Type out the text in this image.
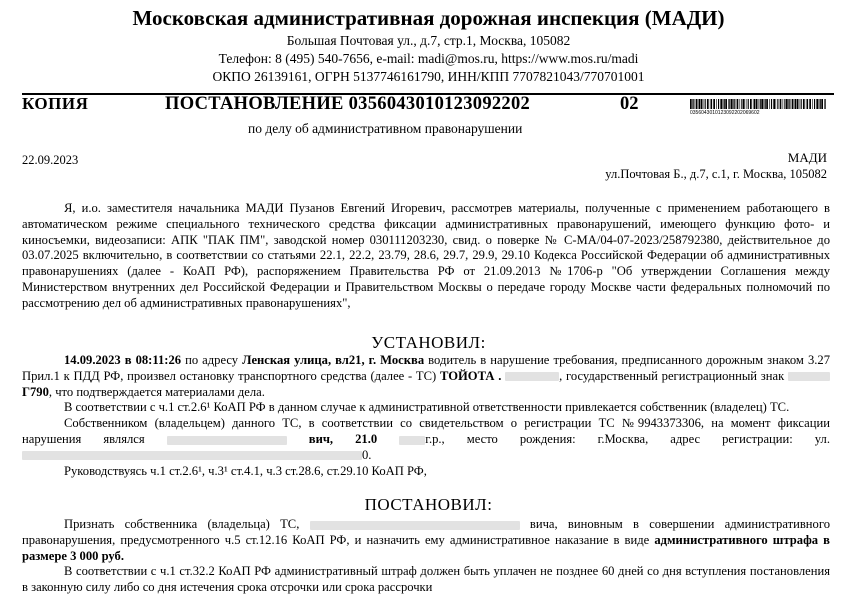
Московская административная дорожная инспекция (МАДИ)
Большая Почтовая ул., д.7, стр.1, Москва, 105082
Телефон: 8 (495) 540-7656, e-mail: madi@mos.ru, https://www.mos.ru/madi
ОКПО 26139161, ОГРН 5137746161790, ИНН/КПП 7707821043/770701001
КОПИЯ	ПОСТАНОВЛЕНИЕ 0356043010123092202	02	0356043010123092202069602
по делу об административном правонарушении
22.09.2023	МАДИ
ул.Почтовая Б., д.7, с.1, г. Москва, 105082
Я, и.о. заместителя начальника МАДИ Пузанов Евгений Игоревич, рассмотрев материалы, полученные с применением работающего в автоматическом режиме специального технического средства фиксации административных правонарушений, имеющего функцию фото- и киносъемки, видеозаписи: АПК "ПАК ПМ", заводской номер 030111203230, свид. о поверке № С-МА/04-07-2023/258792380, действительное до 03.07.2025 включительно, в соответствии со статьями 22.1, 22.2, 23.79, 28.6, 29.7, 29.9, 29.10 Кодекса Российской Федерации об административных правонарушениях (далее - КоАП РФ), распоряжением Правительства РФ от 21.09.2013 №1706-р "Об утверждении Соглашения между Министерством внутренних дел Российской Федерации и Правительством Москвы о передаче городу Москве части федеральных полномочий по рассмотрению дел об административных правонарушениях",
УСТАНОВИЛ:

14.09.2023 в 08:11:26 по адресу Ленская улица, вл21, г. Москва водитель в нарушение требования, предписанного дорожным знаком 3.27 Прил.1 к ПДД РФ, произвел остановку транспортного средства (далее - ТС) ТОЙОТА .	, государственный регистрационный знак  Г790, что подтверждается материалами дела.

В соответствии с ч.1 ст.2.6¹ КоАП РФ в данном случае к административной ответственности привлекается собственник (владелец) ТС.

Собственником (владельцем) данного ТС, в соответствии со свидетельством о регистрации ТС №9943373306, на момент фиксации нарушения являлся	вич, 21.0	г.р., место рождения: г.Москва, адрес регистрации: ул. 0.

Руководствуясь ч.1 ст.2.6¹, ч.3¹ ст.4.1, ч.3 ст.28.6, ст.29.10 КоАП РФ,

ПОСТАНОВИЛ:

Признать собственника (владельца) ТС,	вича, виновным в совершении административного правонарушения, предусмотренного ч.5 ст.12.16 КоАП РФ, и назначить ему административное наказание в виде административного штрафа в размере 3 000 руб.

В соответствии с ч.1 ст.32.2 КоАП РФ административный штраф должен быть уплачен не позднее 60 дней со дня вступления постановления в законную силу либо со дня истечения срока отсрочки или срока рассрочки
